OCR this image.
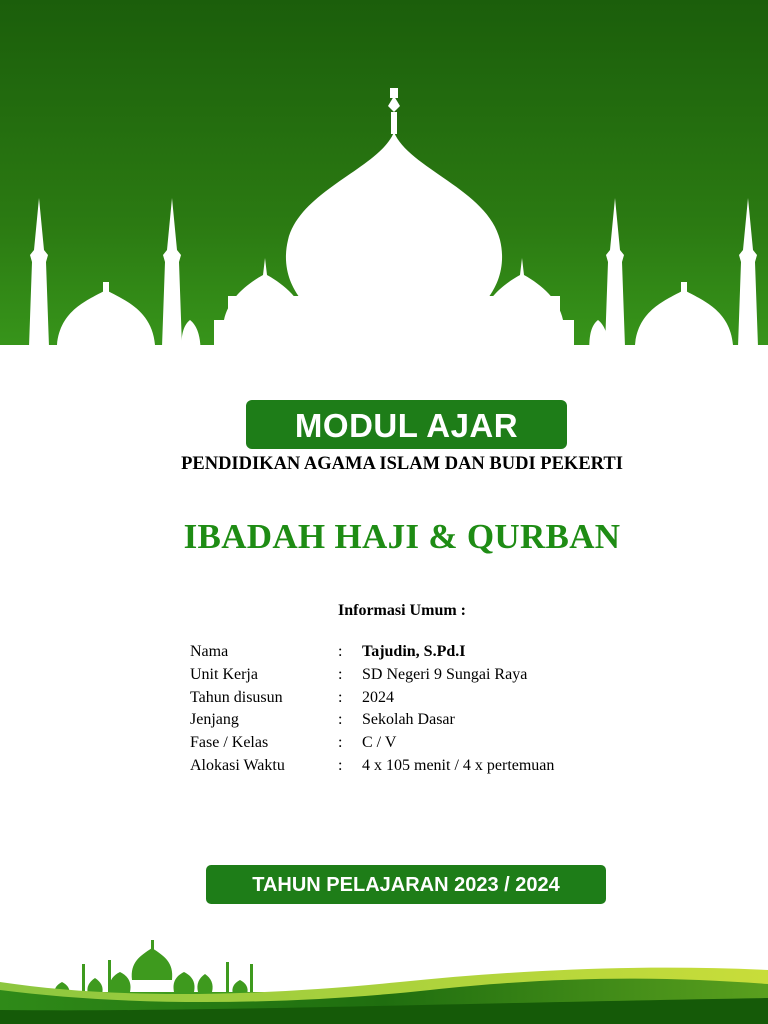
MODUL AJAR
PENDIDIKAN AGAMA ISLAM DAN BUDI PEKERTI
IBADAH HAJI & QURBAN
Informasi Umum :
Nama	: Tajudin, S.Pd.I
Unit Kerja	: SD Negeri 9 Sungai Raya
Tahun disusun	: 2024
Jenjang	: Sekolah Dasar
Fase / Kelas	: C / V
Alokasi Waktu	: 4 x 105 menit / 4 x pertemuan
TAHUN PELAJARAN 2023 / 2024
